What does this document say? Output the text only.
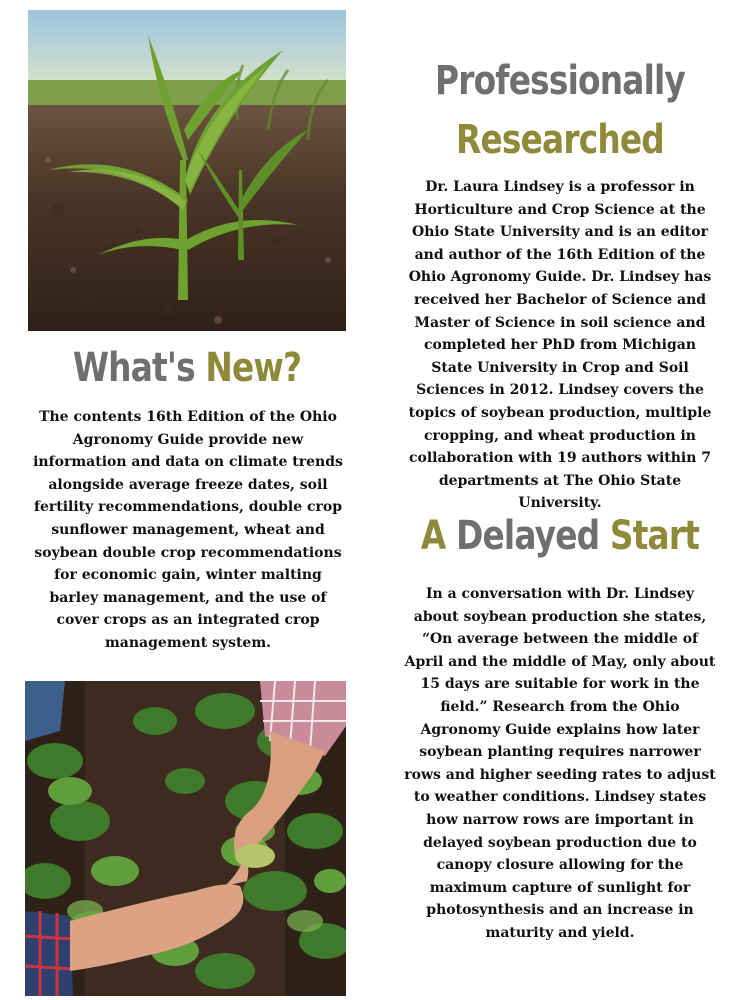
Professionally
Researched
What's New?
A Delayed Start

Dr. Laura Lindsey is a professor in Horticulture and Crop Science at the Ohio State University and is an editor and author of the 16th Edition of the Ohio Agronomy Guide. Dr. Lindsey has received her Bachelor of Science and Master of Science in soil science and completed her PhD from Michigan State University in Crop and Soil Sciences in 2012. Lindsey covers the topics of soybean production, multiple cropping, and wheat production in collaboration with 19 authors within 7 departments at The Ohio State University.

The contents 16th Edition of the Ohio Agronomy Guide provide new information and data on climate trends alongside average freeze dates, soil fertility recommendations, double crop sunflower management, wheat and soybean double crop recommendations for economic gain, winter malting barley management, and the use of cover crops as an integrated crop management system.

In a conversation with Dr. Lindsey about soybean production she states, “On average between the middle of April and the middle of May, only about 15 days are suitable for work in the field.” Research from the Ohio Agronomy Guide explains how later soybean planting requires narrower rows and higher seeding rates to adjust to weather conditions. Lindsey states how narrow rows are important in delayed soybean production due to canopy closure allowing for the maximum capture of sunlight for photosynthesis and an increase in maturity and yield.
